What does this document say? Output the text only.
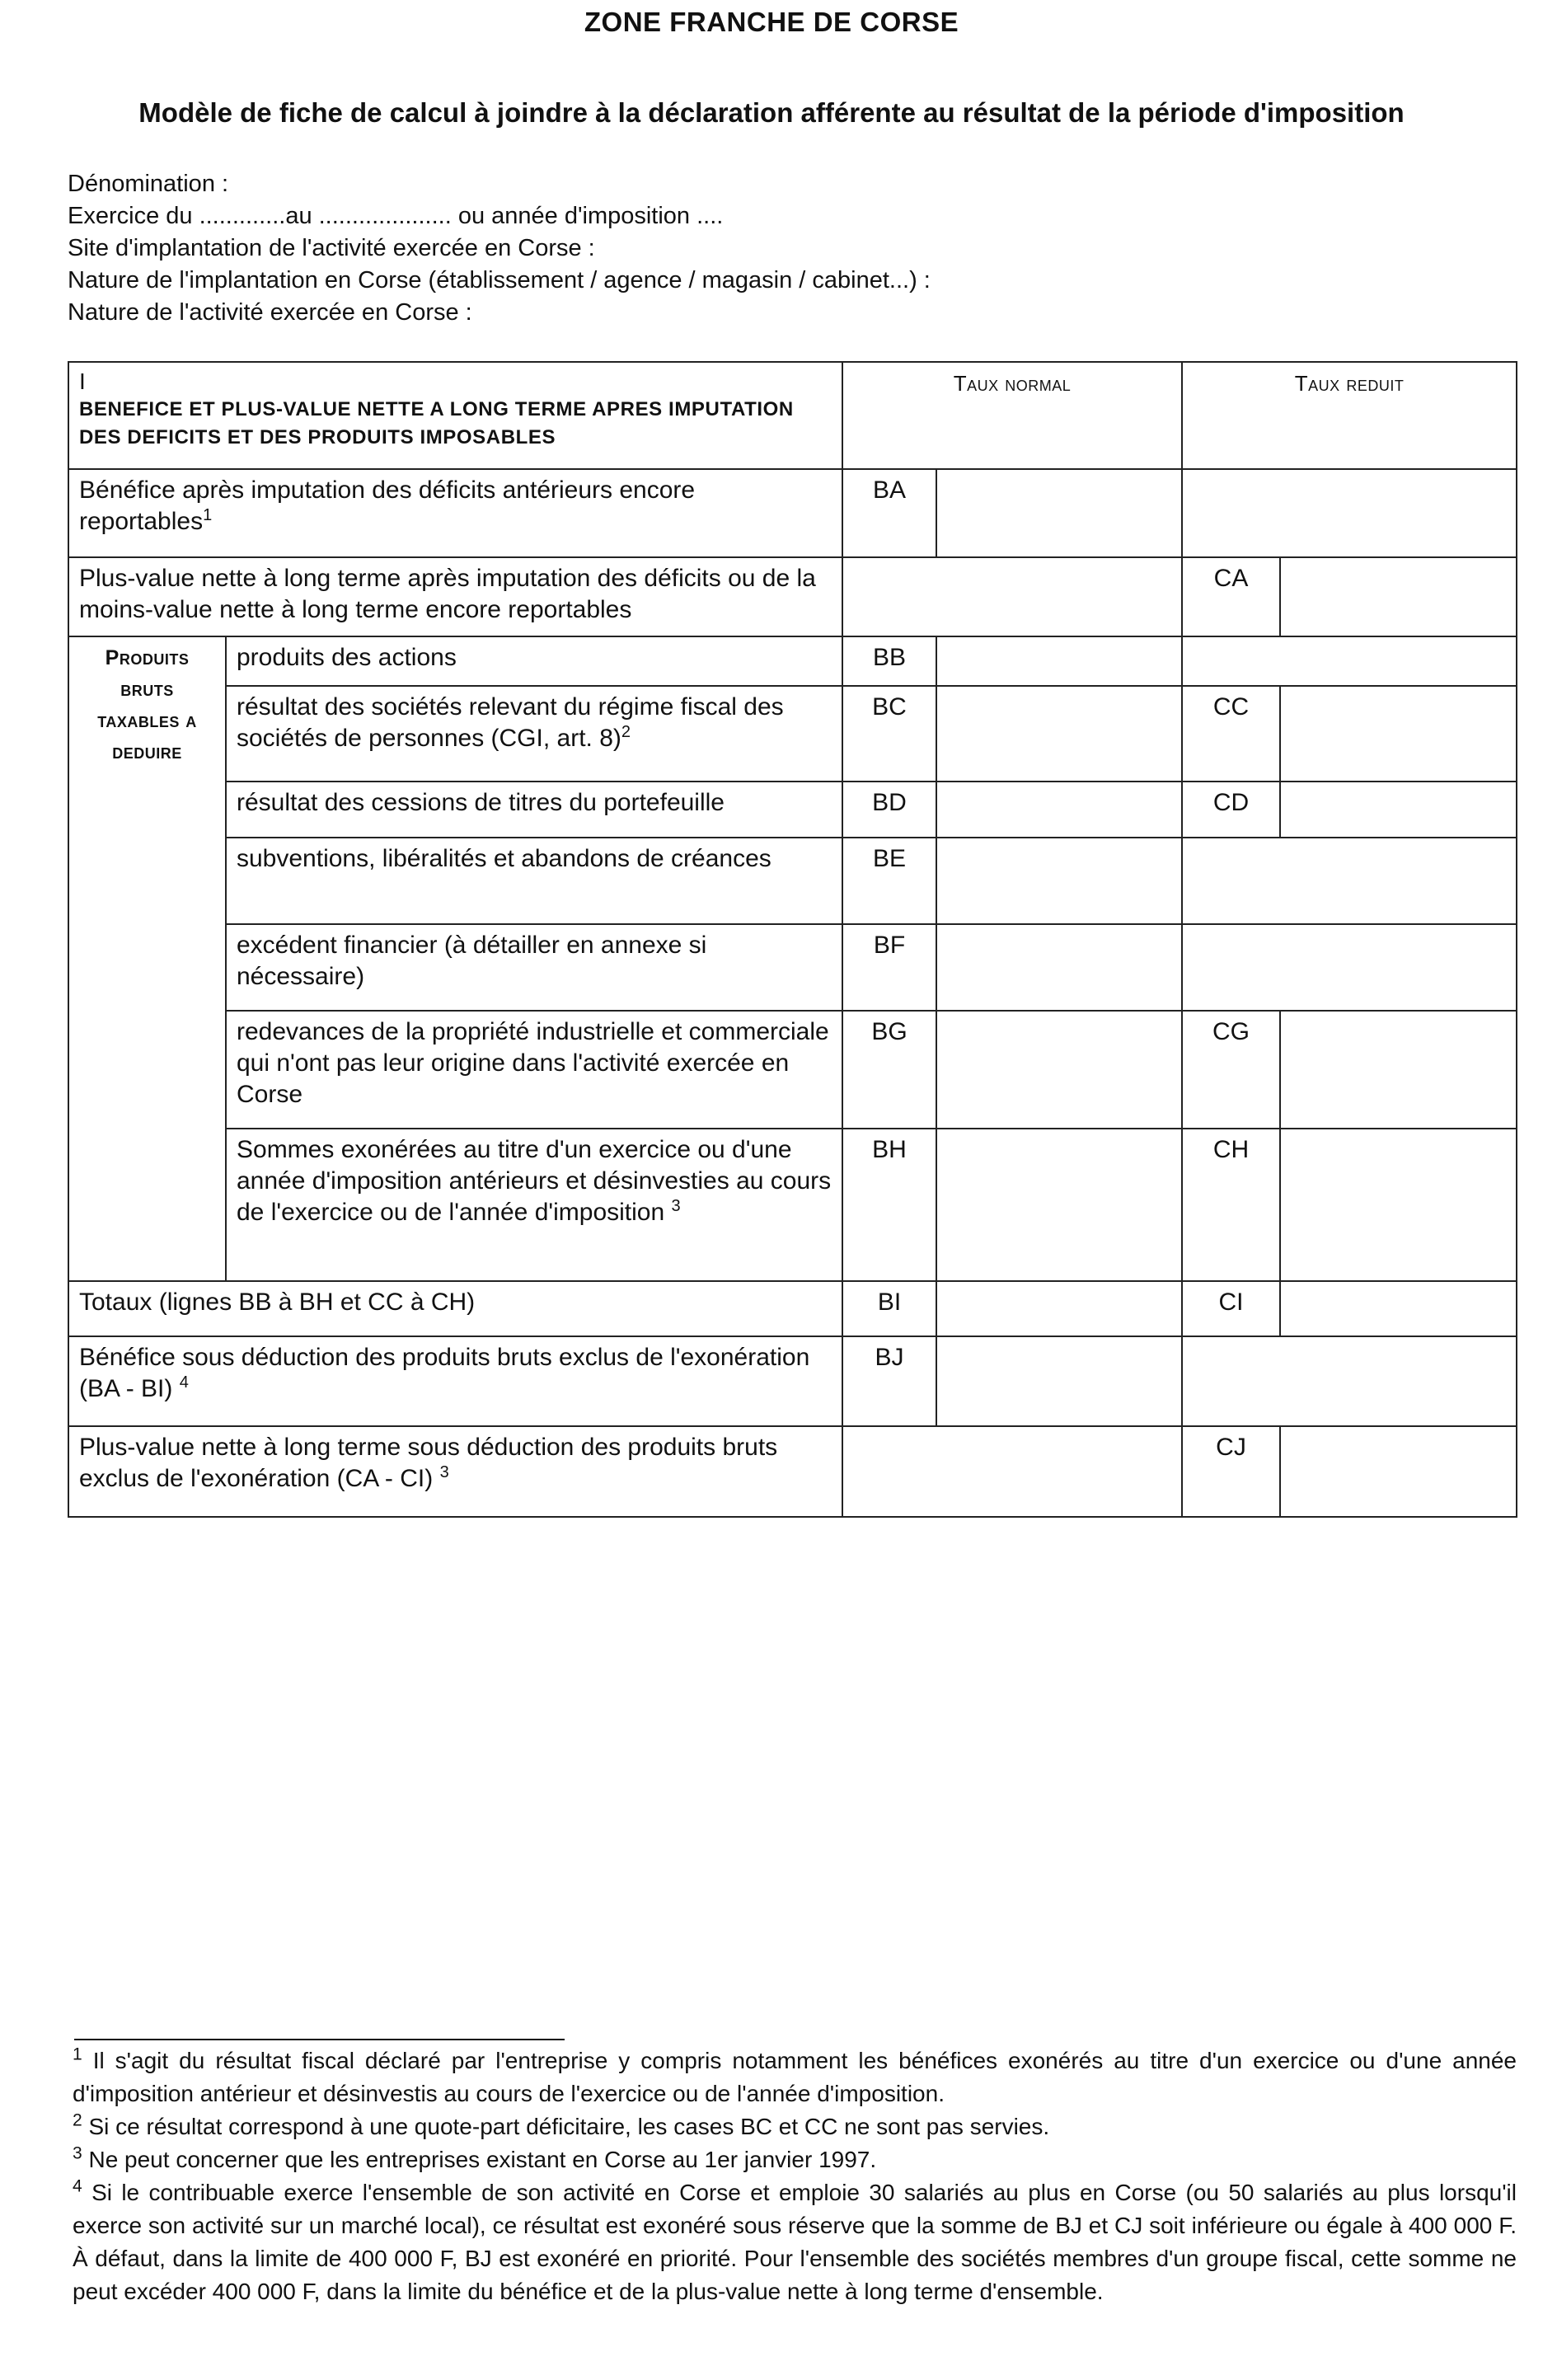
ZONE FRANCHE DE CORSE
Modèle de fiche de calcul à joindre à la déclaration afférente au résultat de la période d'imposition
Dénomination :
Exercice du .............au .................... ou année d'imposition ....
Site d'implantation de l'activité exercée en Corse :
Nature de l'implantation en Corse (établissement / agence / magasin / cabinet...) :
Nature de l'activité exercée en Corse :
IBENEFICE ET PLUS-VALUE NETTE A LONG TERME APRES IMPUTATION DES DEFICITS ET DES PRODUITS IMPOSABLES		Taux normal		Taux reduit	
Bénéfice après imputation des déficits antérieurs encore reportables$^1$		BA			
Plus-value nette à long terme après imputation des déficits ou de la moins-value nette à long terme encore reportables				CA	
Produits bruts taxables a deduire	produits des actions	BB			
	résultat des sociétés relevant du régime fiscal des sociétés de personnes (CGI, art. 8)$^2$	BC		CC	
	résultat des cessions de titres du portefeuille	BD		CD	
	subventions, libéralités et abandons de créances	BE			
	excédent financier (à détailler en annexe si nécessaire)	BF			
	redevances de la propriété industrielle et commerciale qui n'ont pas leur origine dans l'activité exercée en Corse	BG		CG	
	Sommes exonérées au titre d'un exercice ou d'une année d'imposition antérieurs et désinvesties au cours de l'exercice ou de l'année d'imposition $^3$	BH		CH	
Totaux (lignes BB à BH et CC à CH)		BI		CI	
Bénéfice sous déduction des produits bruts exclus de l'exonération (BA - BI) $^4$		BJ			
Plus-value nette à long terme sous déduction des produits bruts exclus de l'exonération (CA - CI) $^3$				CJ	
$^1$ Il s'agit du résultat fiscal déclaré par l'entreprise y compris notamment les bénéfices exonérés au titre d'un exercice ou d'une année d'imposition antérieur et désinvestis au cours de l'exercice ou de l'année d'imposition.
$^2$ Si ce résultat correspond à une quote-part déficitaire, les cases BC et CC ne sont pas servies.
$^3$ Ne peut concerner que les entreprises existant en Corse au 1er janvier 1997.
$^4$ Si le contribuable exerce l'ensemble de son activité en Corse et emploie 30 salariés au plus en Corse (ou 50 salariés au plus lorsqu'il exerce son activité sur un marché local), ce résultat est exonéré sous réserve que la somme de BJ et CJ soit inférieure ou égale à 400 000 F. À défaut, dans la limite de 400 000 F, BJ est exonéré en priorité. Pour l'ensemble des sociétés membres d'un groupe fiscal, cette somme ne peut excéder 400 000 F, dans la limite du bénéfice et de la plus-value nette à long terme d'ensemble.
